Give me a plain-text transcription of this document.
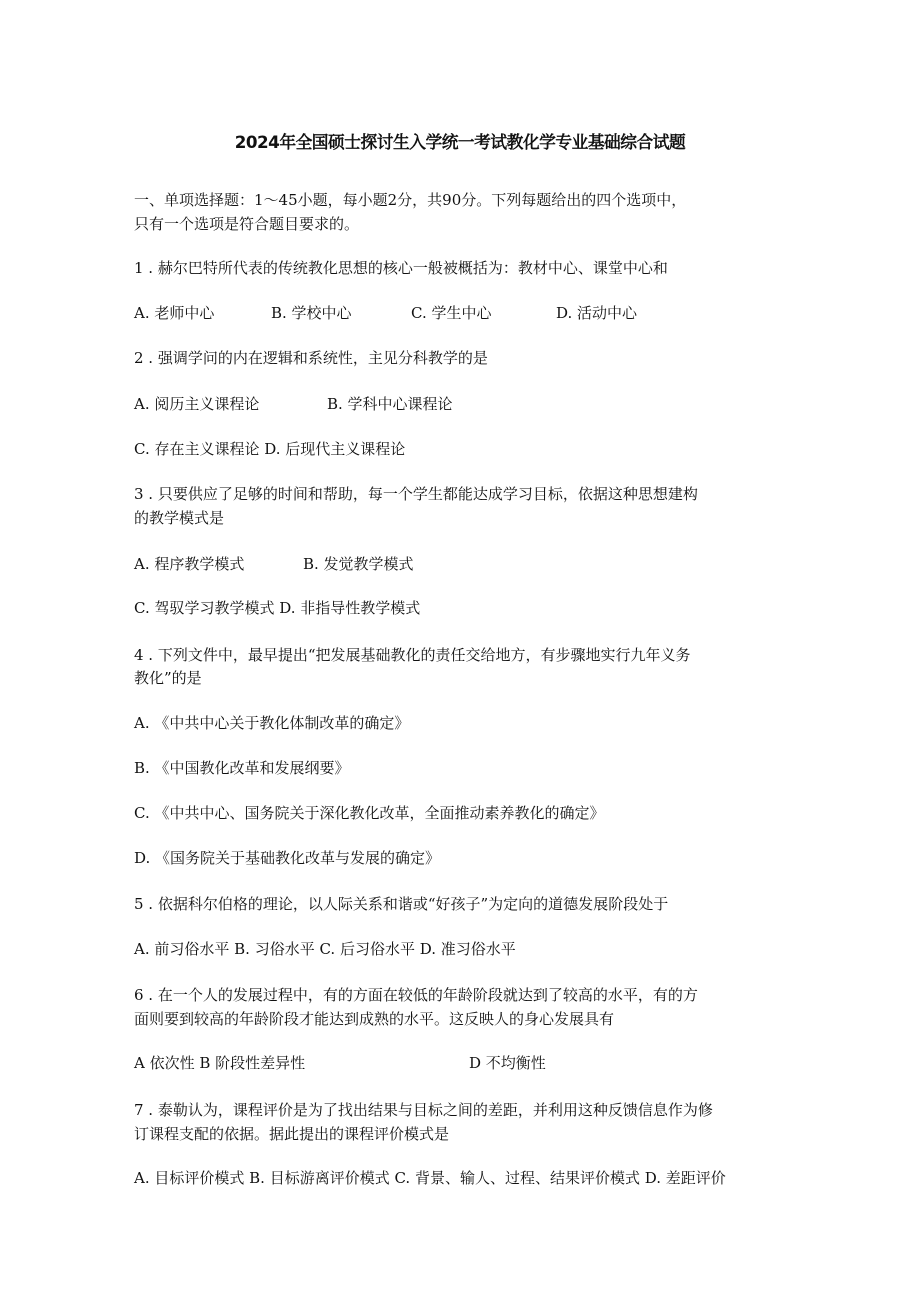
2024年全国硕士探讨生入学统一考试教化学专业基础综合试题
一、单项选择题：1～45小题，每小题2分，共90分。下列每题给出的四个选项中，
只有一个选项是符合题目要求的。
1 . 赫尔巴特所代表的传统教化思想的核心一般被概括为：教材中心、课堂中心和
A. 老师中心	B. 学校中心	C. 学生中心	D. 活动中心
2 . 强调学问的内在逻辑和系统性，主见分科教学的是
A. 阅历主义课程论	B. 学科中心课程论
C. 存在主义课程论 D. 后现代主义课程论
3 . 只要供应了足够的时间和帮助，每一个学生都能达成学习目标，依据这种思想建构
的教学模式是
A. 程序教学模式	B. 发觉教学模式
C. 驾驭学习教学模式 D. 非指导性教学模式
4 . 下列文件中，最早提出“把发展基础教化的责任交给地方，有步骤地实行九年义务
教化”的是
A. 《中共中心关于教化体制改革的确定》
B. 《中国教化改革和发展纲要》
C. 《中共中心、国务院关于深化教化改革，全面推动素养教化的确定》
D. 《国务院关于基础教化改革与发展的确定》
5 . 依据科尔伯格的理论，以人际关系和谐或“好孩子”为定向的道德发展阶段处于
A. 前习俗水平 B. 习俗水平 C. 后习俗水平 D. 准习俗水平
6 . 在一个人的发展过程中，有的方面在较低的年龄阶段就达到了较高的水平，有的方
面则要到较高的年龄阶段才能达到成熟的水平。这反映人的身心发展具有
A 依次性 B 阶段性差异性	D 不均衡性
7 . 泰勒认为，课程评价是为了找出结果与目标之间的差距，并利用这种反馈信息作为修
订课程支配的依据。据此提出的课程评价模式是
A. 目标评价模式 B. 目标游离评价模式 C. 背景、输人、过程、结果评价模式 D. 差距评价
